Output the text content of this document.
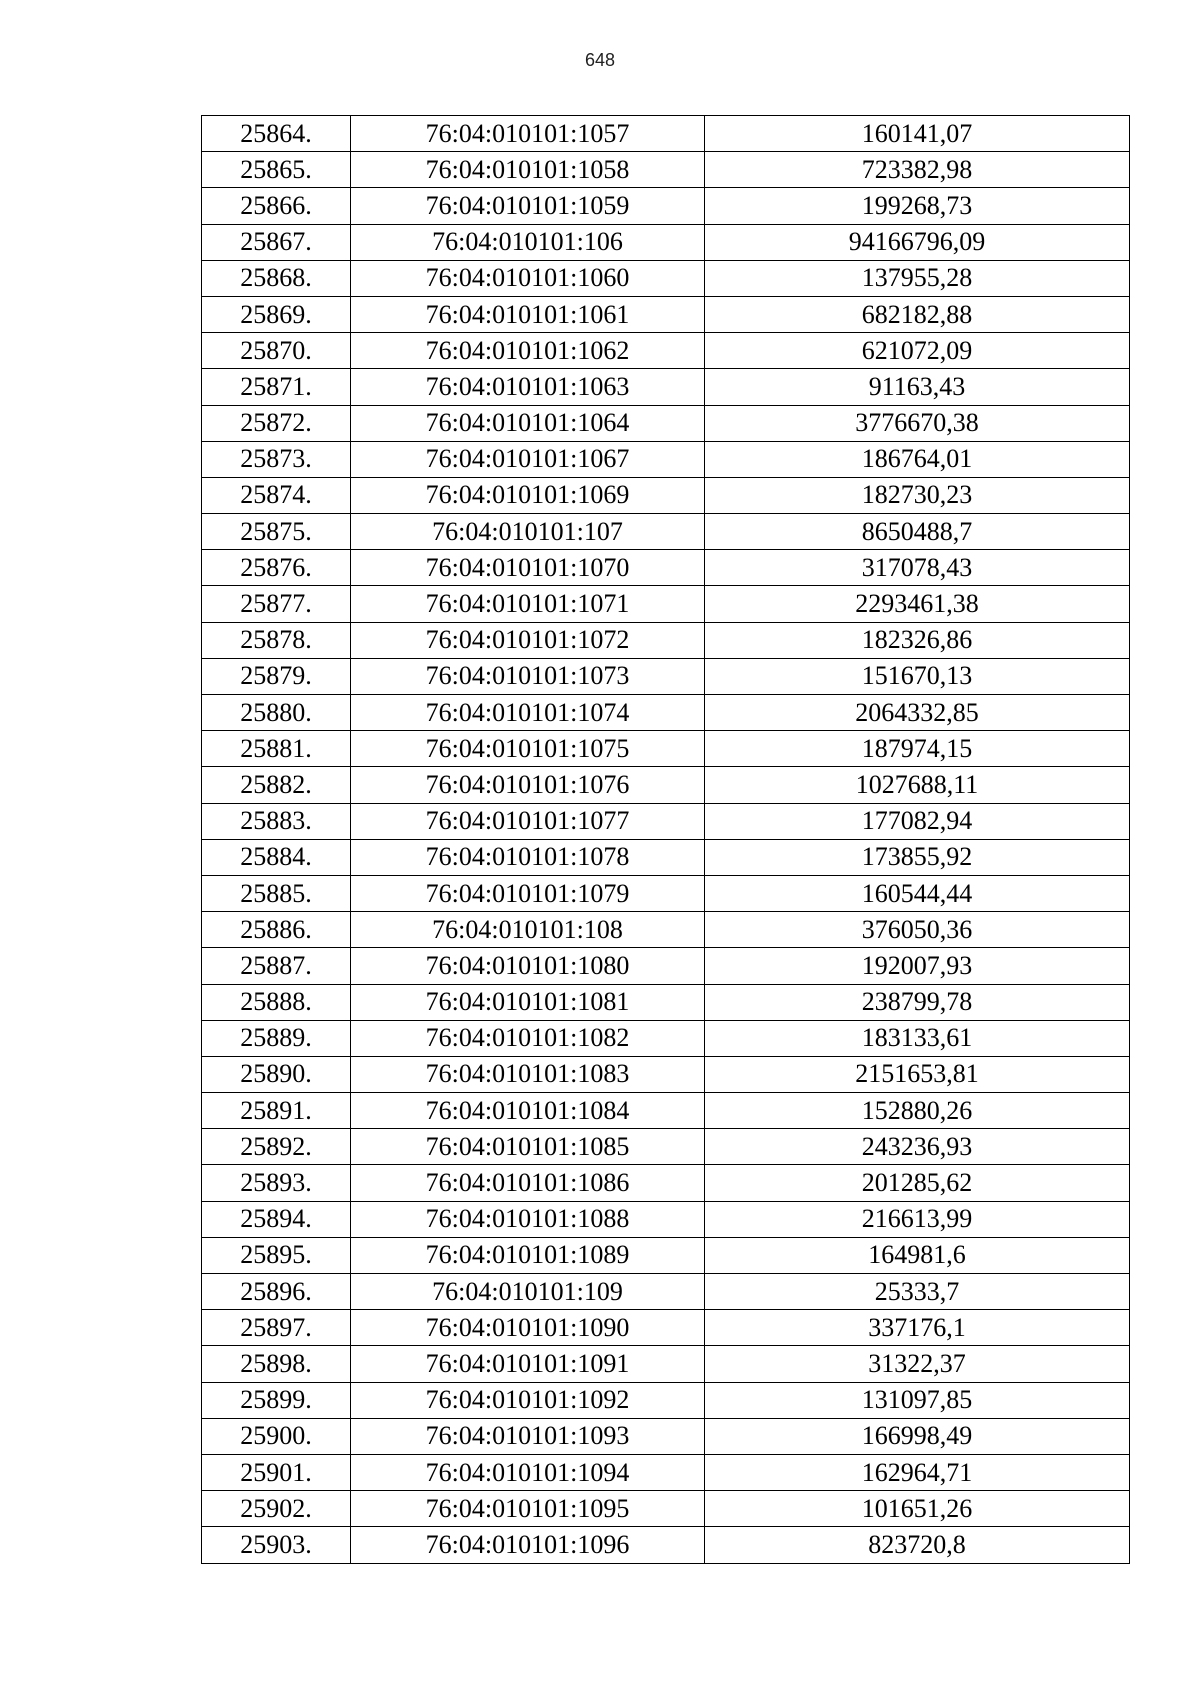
648
25864.	76:04:010101:1057	160141,07
25865.	76:04:010101:1058	723382,98
25866.	76:04:010101:1059	199268,73
25867.	76:04:010101:106	94166796,09
25868.	76:04:010101:1060	137955,28
25869.	76:04:010101:1061	682182,88
25870.	76:04:010101:1062	621072,09
25871.	76:04:010101:1063	91163,43
25872.	76:04:010101:1064	3776670,38
25873.	76:04:010101:1067	186764,01
25874.	76:04:010101:1069	182730,23
25875.	76:04:010101:107	8650488,7
25876.	76:04:010101:1070	317078,43
25877.	76:04:010101:1071	2293461,38
25878.	76:04:010101:1072	182326,86
25879.	76:04:010101:1073	151670,13
25880.	76:04:010101:1074	2064332,85
25881.	76:04:010101:1075	187974,15
25882.	76:04:010101:1076	1027688,11
25883.	76:04:010101:1077	177082,94
25884.	76:04:010101:1078	173855,92
25885.	76:04:010101:1079	160544,44
25886.	76:04:010101:108	376050,36
25887.	76:04:010101:1080	192007,93
25888.	76:04:010101:1081	238799,78
25889.	76:04:010101:1082	183133,61
25890.	76:04:010101:1083	2151653,81
25891.	76:04:010101:1084	152880,26
25892.	76:04:010101:1085	243236,93
25893.	76:04:010101:1086	201285,62
25894.	76:04:010101:1088	216613,99
25895.	76:04:010101:1089	164981,6
25896.	76:04:010101:109	25333,7
25897.	76:04:010101:1090	337176,1
25898.	76:04:010101:1091	31322,37
25899.	76:04:010101:1092	131097,85
25900.	76:04:010101:1093	166998,49
25901.	76:04:010101:1094	162964,71
25902.	76:04:010101:1095	101651,26
25903.	76:04:010101:1096	823720,8
